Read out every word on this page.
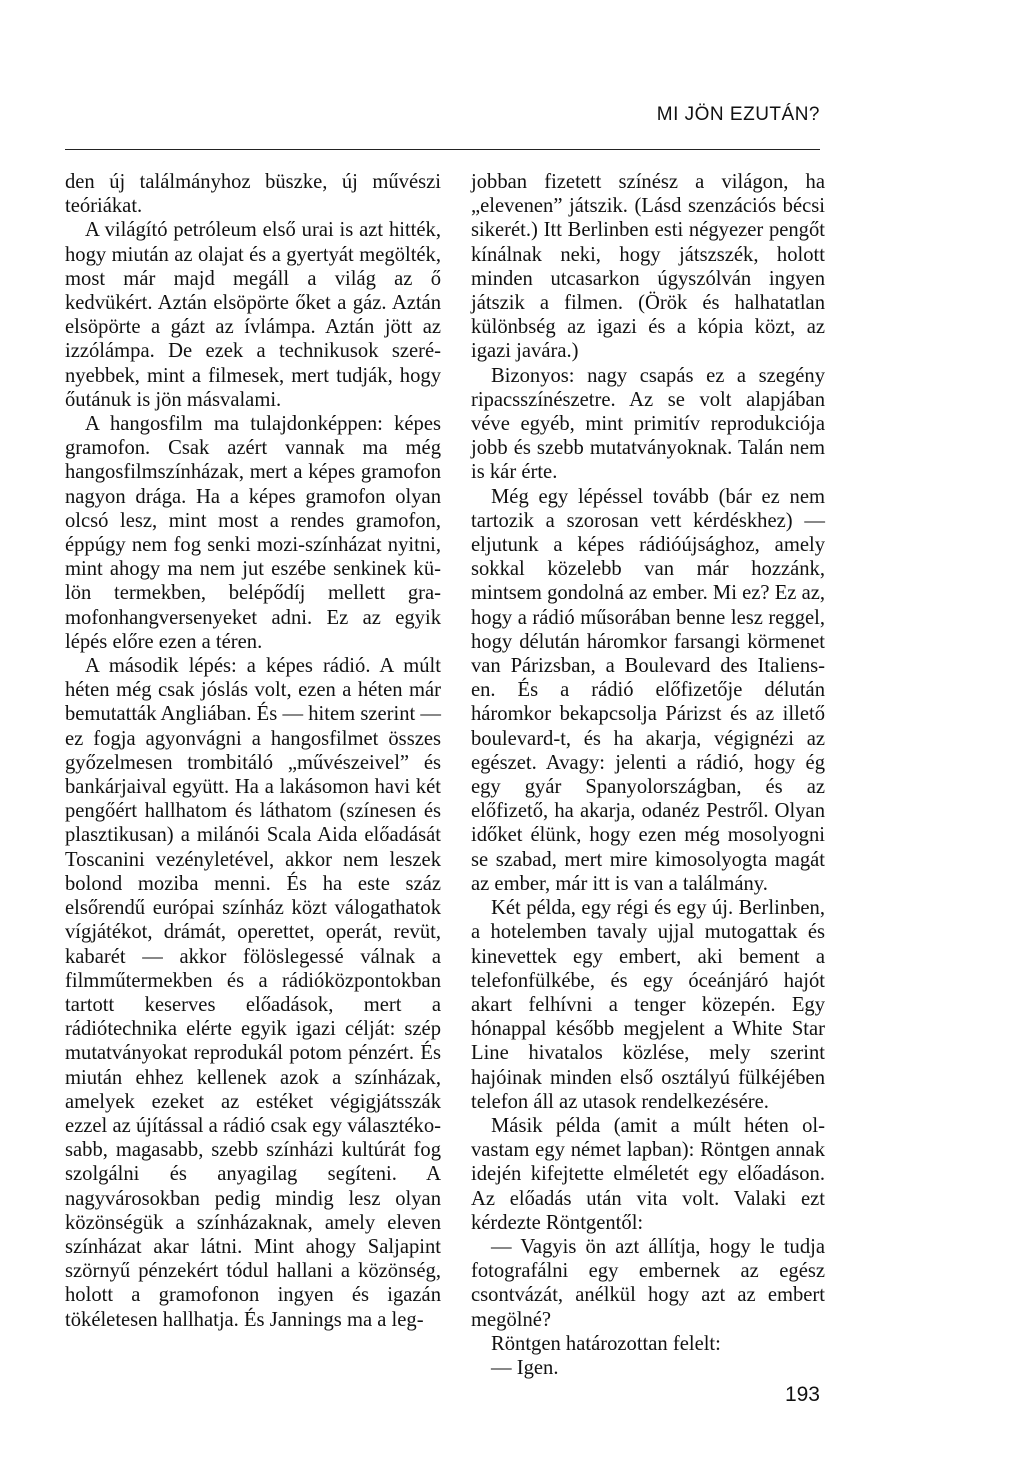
MI JÖN EZUTÁN?

den új találmányhoz büszke, új művészi teóriákat.

A világító petróleum első urai is azt hitték, hogy miután az olajat és a gyertyát megölték, most már majd megáll a világ az ő kedvükért. Aztán elsöpörte őket a gáz. Aztán elsöpörte a gázt az ívlámpa. Aztán jött az izzólámpa. De ezek a technikusok szerényebbek, mint a filmesek, mert tudják, hogy őutánuk is jön másvalami.

A hangosfilm ma tulajdonképpen: képes gramofon. Csak azért vannak ma még hangosfilmszínházak, mert a képes gramofon nagyon drága. Ha a képes gramofon olyan olcsó lesz, mint most a rendes gramofon, éppúgy nem fog senki mozi-színházat nyitni, mint ahogy ma nem jut eszébe senkinek külön termekben, belépődíj mellett gramofonhangversenyeket adni. Ez az egyik lépés előre ezen a téren.

A második lépés: a képes rádió. A múlt héten még csak jóslás volt, ezen a héten már bemutatták Angliában. És — hitem szerint — ez fogja agyonvágni a hangosfilmet összes győzelmesen trombitáló „művészeivel” és bankárjaival együtt. Ha a lakásomon havi két pengőért hallhatom és láthatom (színesen és plasztikusan) a milánói Scala Aida előadását Toscanini vezényletével, akkor nem leszek bolond moziba menni. És ha este száz elsőrendű európai színház közt válogathatok vígjátékot, drámát, operettet, operát, revüt, kabarét — akkor fölöslegessé válnak a filmműtermekben és a rádióközpontokban tartott keserves előadások, mert a rádiótechnika elérte egyik igazi célját: szép mutatványokat reprodukál potom pénzért. És miután ehhez kellenek azok a színházak, amelyek ezeket az estéket végigjátsszák ezzel az újítással a rádió csak egy választékosabb, magasabb, szebb színházi kultúrát fog szolgálni és anyagilag segíteni. A nagyvárosokban pedig mindig lesz olyan közönségük a színházaknak, amely eleven színházat akar látni. Mint ahogy Saljapint szörnyű pénzekért tódul hallani a közönség, holott a gramofonon ingyen és igazán tökéletesen hallhatja. És Jannings ma a leg-

jobban fizetett színész a világon, ha „elevenen” játszik. (Lásd szenzációs bécsi sikerét.) Itt Berlinben esti négyezer pengőt kínálnak neki, hogy játszszék, holott minden utcasarkon úgyszólván ingyen játszik a filmen. (Örök és halhatatlan különbség az igazi és a kópia közt, az igazi javára.)

Bizonyos: nagy csapás ez a szegény ripacsszínészetre. Az se volt alapjában véve egyéb, mint primitív reprodukciója jobb és szebb mutatványoknak. Talán nem is kár érte.

Még egy lépéssel tovább (bár ez nem tartozik a szorosan vett kérdéskhez) — eljutunk a képes rádióújsághoz, amely sokkal közelebb van már hozzánk, mintsem gondolná az ember. Mi ez? Ez az, hogy a rádió műsorában benne lesz reggel, hogy délután háromkor farsangi körmenet van Párizsban, a Boulevard des Italiens-en. És a rádió előfizetője délután háromkor bekapcsolja Párizst és az illető boulevard-t, és ha akarja, végignézi az egészet. Avagy: jelenti a rádió, hogy ég egy gyár Spanyolországban, és az előfizető, ha akarja, odanéz Pestről. Olyan időket élünk, hogy ezen még mosolyogni se szabad, mert mire kimosolyogta magát az ember, már itt is van a találmány.

Két példa, egy régi és egy új. Berlinben, a hotelemben tavaly ujjal mutogattak és kinevettek egy embert, aki bement a telefonfülkébe, és egy óceánjáró hajót akart felhívni a tenger közepén. Egy hónappal később megjelent a White Star Line hivatalos közlése, mely szerint hajóinak minden első osztályú fülkéjében telefon áll az utasok rendelkezésére.

Másik példa (amit a múlt héten olvastam egy német lapban): Röntgen annak idején kifejtette elméletét egy előadáson. Az előadás után vita volt. Valaki ezt kérdezte Röntgentől:

— Vagyis ön azt állítja, hogy le tudja fotografálni egy embernek az egész csontvázát, anélkül hogy azt az embert megölné?

Röntgen határozottan felelt:

— Igen.

193
